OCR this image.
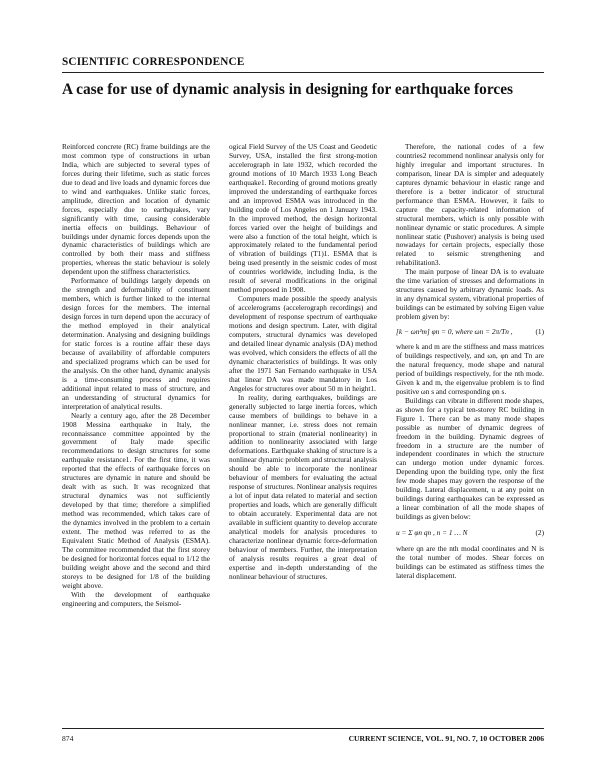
SCIENTIFIC CORRESPONDENCE
A case for use of dynamic analysis in designing for earthquake forces

Reinforced concrete (RC) frame buildings are the most common type of constructions in urban India, which are subjected to several types of forces during their lifetime, such as static forces due to dead and live loads and dynamic forces due to wind and earthquakes. Unlike static forces, amplitude, direction and location of dynamic forces, especially due to earthquakes, vary significantly with time, causing considerable inertia effects on buildings. Behaviour of buildings under dynamic forces depends upon the dynamic characteristics of buildings which are controlled by both their mass and stiffness properties, whereas the static behaviour is solely dependent upon the stiffness characteristics.

Performance of buildings largely depends on the strength and deformability of constituent members, which is further linked to the internal design forces for the members. The internal design forces in turn depend upon the accuracy of the method employed in their analytical determination. Analysing and designing buildings for static forces is a routine affair these days because of availability of affordable computers and specialized programs which can be used for the analysis. On the other hand, dynamic analysis is a time-consuming process and requires additional input related to mass of structure, and an understanding of structural dynamics for interpretation of analytical results.

Nearly a century ago, after the 28 December 1908 Messina earthquake in Italy, the reconnaissance committee appointed by the government of Italy made specific recommendations to design structures for some earthquake resistance1. For the first time, it was reported that the effects of earthquake forces on structures are dynamic in nature and should be dealt with as such. It was recognized that structural dynamics was not sufficiently developed by that time; therefore a simplified method was recommended, which takes care of the dynamics involved in the problem to a certain extent. The method was referred to as the Equivalent Static Method of Analysis (ESMA). The committee recommended that the first storey be designed for horizontal forces equal to 1/12 the building weight above and the second and third storeys to be designed for 1/8 of the building weight above.

With the development of earthquake engineering and computers, the Seismol-

ogical Field Survey of the US Coast and Geodetic Survey, USA, installed the first strong-motion accelerograph in late 1932, which recorded the ground motions of 10 March 1933 Long Beach earthquake1. Recording of ground motions greatly improved the understanding of earthquake forces and an improved ESMA was introduced in the building code of Los Angeles on 1 January 1943. In the improved method, the design horizontal forces varied over the height of buildings and were also a function of the total height, which is approximately related to the fundamental period of vibration of buildings (T1)1. ESMA that is being used presently in the seismic codes of most of countries worldwide, including India, is the result of several modifications in the original method proposed in 1908.

Computers made possible the speedy analysis of accelerograms (accelerograph recordings) and development of response spectrum of earthquake motions and design spectrum. Later, with digital computers, structural dynamics was developed and detailed linear dynamic analysis (DA) method was evolved, which considers the effects of all the dynamic characteristics of buildings. It was only after the 1971 San Fernando earthquake in USA that linear DA was made mandatory in Los Angeles for structures over about 50 m in height1.

In reality, during earthquakes, buildings are generally subjected to large inertia forces, which cause members of buildings to behave in a nonlinear manner, i.e. stress does not remain proportional to strain (material nonlinearity) in addition to nonlinearity associated with large deformations. Earthquake shaking of structure is a nonlinear dynamic problem and structural analysis should be able to incorporate the nonlinear behaviour of members for evaluating the actual response of structures. Nonlinear analysis requires a lot of input data related to material and section properties and loads, which are generally difficult to obtain accurately. Experimental data are not available in sufficient quantity to develop accurate analytical models for analysis procedures to characterize nonlinear dynamic force-deformation behaviour of members. Further, the interpretation of analysis results requires a great deal of expertise and in-depth understanding of the nonlinear behaviour of structures.

Therefore, the national codes of a few countries2 recommend nonlinear analysis only for highly irregular and important structures. In comparison, linear DA is simpler and adequately captures dynamic behaviour in elastic range and therefore is a better indicator of structural performance than ESMA. However, it fails to capture the capacity-related information of structural members, which is only possible with nonlinear dynamic or static procedures. A simple nonlinear static (Pushover) analysis is being used nowadays for certain projects, especially those related to seismic strengthening and rehabilitation3.

The main purpose of linear DA is to evaluate the time variation of stresses and deformations in structures caused by arbitrary dynamic loads. As in any dynamical system, vibrational properties of buildings can be estimated by solving Eigen value problem given by:

[k − ωn²m] φn = 0, where ωn = 2π/Tn ,	(1)

where k and m are the stiffness and mass matrices of buildings respectively, and ωn, φn and Tn are the natural frequency, mode shape and natural period of buildings respectively, for the nth mode. Given k and m, the eigenvalue problem is to find positive ωn s and corresponding φn s.

Buildings can vibrate in different mode shapes, as shown for a typical ten-storey RC building in Figure 1. There can be as many mode shapes possible as number of dynamic degrees of freedom in the building. Dynamic degrees of freedom in a structure are the number of independent coordinates in which the structure can undergo motion under dynamic forces. Depending upon the building type, only the first few mode shapes may govern the response of the building. Lateral displacement, u at any point on buildings during earthquakes can be expressed as a linear combination of all the mode shapes of buildings as given below:

u = Σ φn qn , n = 1 … N	(2)

where qn are the nth modal coordinates and N is the total number of modes. Shear forces on buildings can be estimated as stiffness times the lateral displacement.

874	CURRENT SCIENCE, VOL. 91, NO. 7, 10 OCTOBER 2006
